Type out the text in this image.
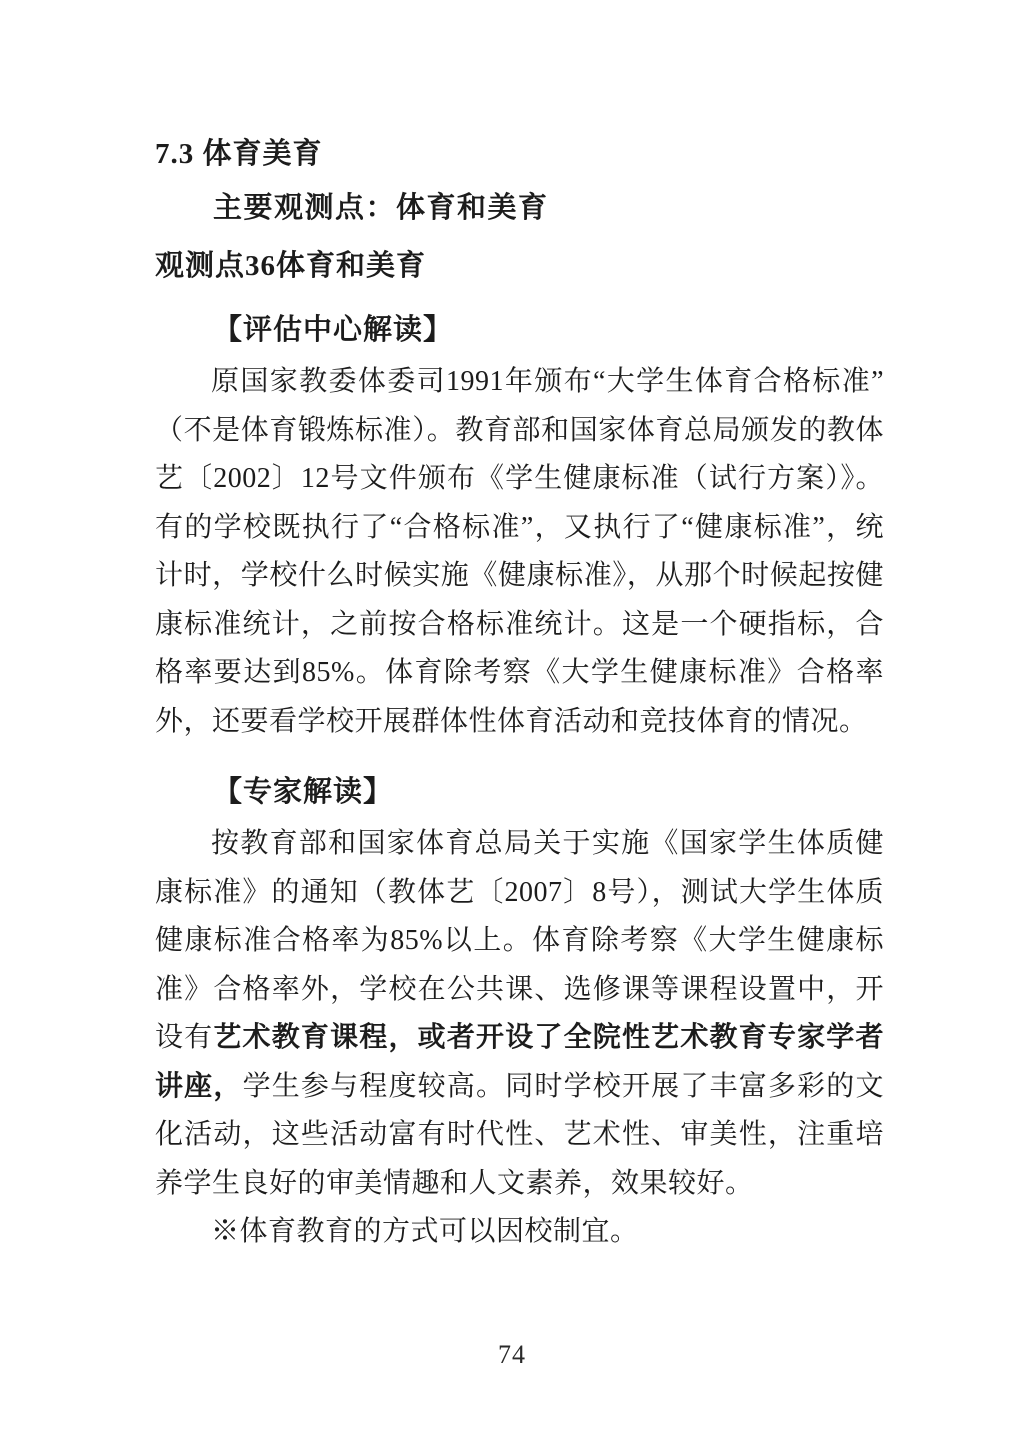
7.3 体育美育

主要观测点：体育和美育

观测点36体育和美育
【评估中心解读】

原国家教委体委司1991年颁布“大学生体育合格标准”（不是体育锻炼标准）。教育部和国家体育总局颁发的教体艺〔2002〕12号文件颁布《学生健康标准（试行方案）》。有的学校既执行了“合格标准”，又执行了“健康标准”，统计时，学校什么时候实施《健康标准》，从那个时候起按健康标准统计，之前按合格标准统计。这是一个硬指标，合格率要达到85%。体育除考察《大学生健康标准》合格率外，还要看学校开展群体性体育活动和竞技体育的情况。

【专家解读】

按教育部和国家体育总局关于实施《国家学生体质健康标准》的通知（教体艺〔2007〕8号），测试大学生体质健康标准合格率为85%以上。体育除考察《大学生健康标准》合格率外，学校在公共课、选修课等课程设置中，开设有艺术教育课程，或者开设了全院性艺术教育专家学者讲座，学生参与程度较高。同时学校开展了丰富多彩的文化活动，这些活动富有时代性、艺术性、审美性，注重培养学生良好的审美情趣和人文素养，效果较好。

※体育教育的方式可以因校制宜。

74
